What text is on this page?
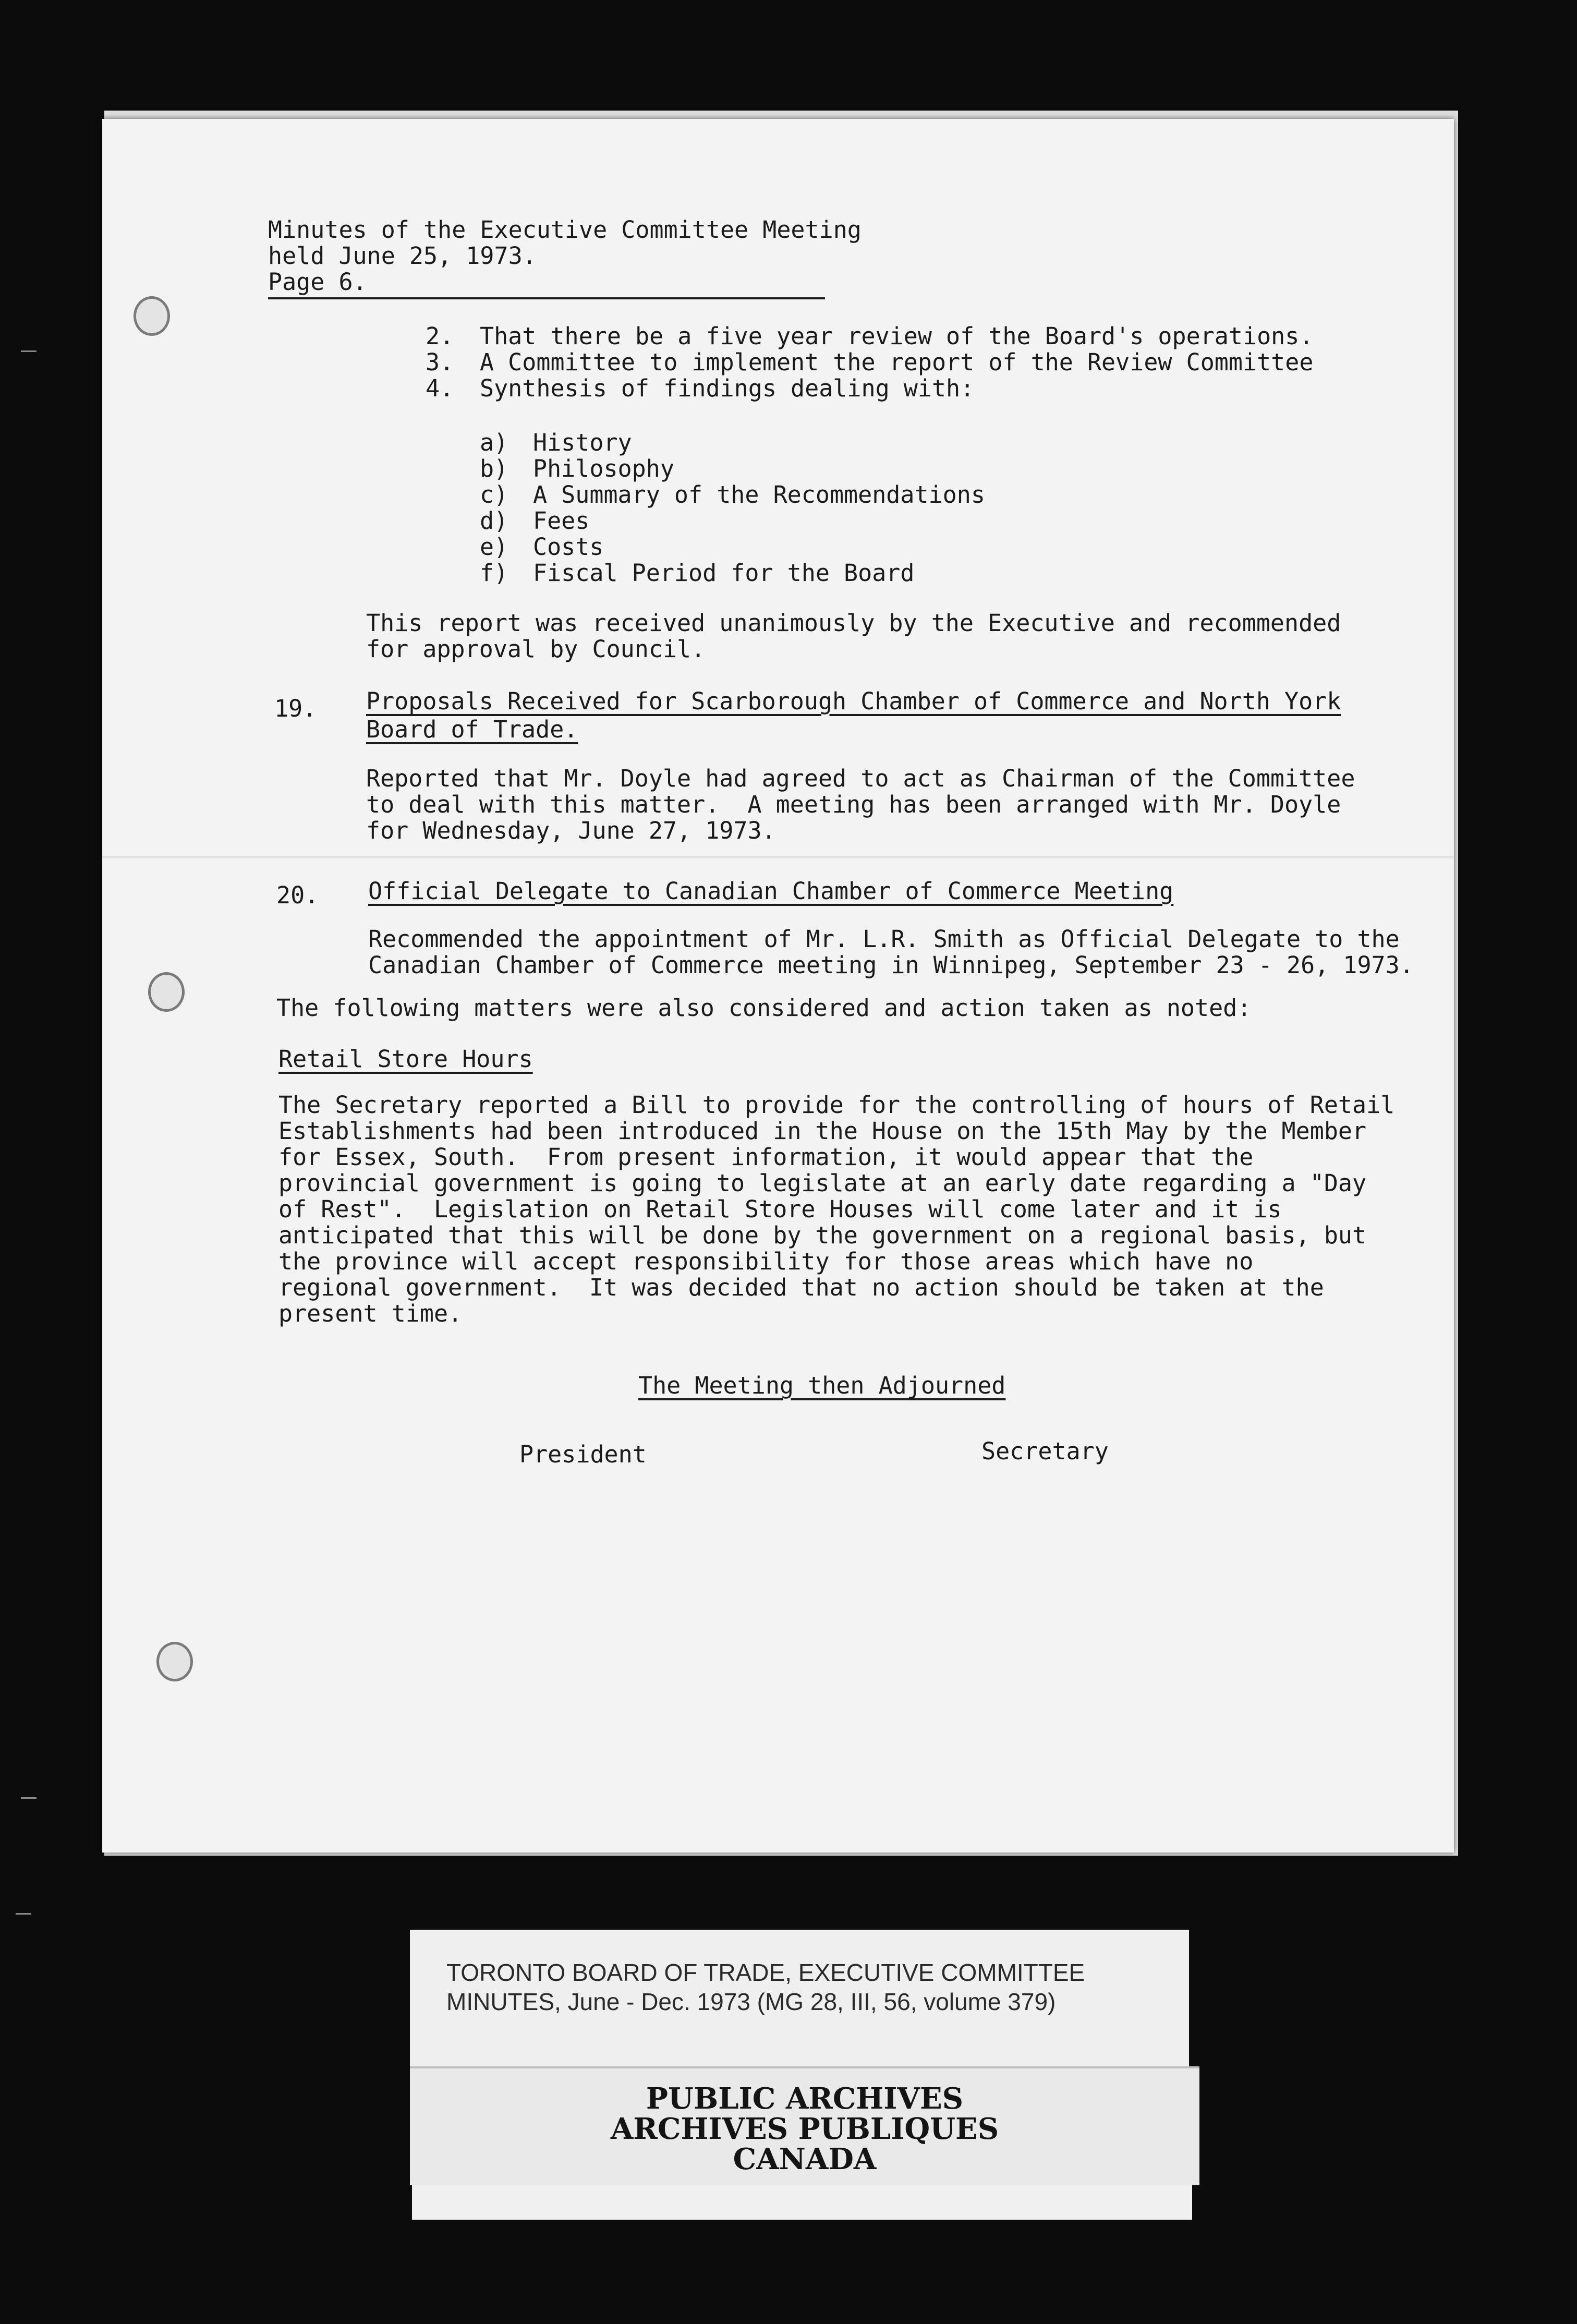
Minutes of the Executive Committee Meeting

held June 25, 1973.

Page 6.

2. That there be a five year review of the Board's operations.

3. A Committee to implement the report of the Review Committee

4. Synthesis of findings dealing with:

a) History

b) Philosophy

c) A Summary of the Recommendations

d) Fees

e) Costs

f) Fiscal Period for the Board

This report was received unanimously by the Executive and recommended

for approval by Council.

19. Proposals Received for Scarborough Chamber of Commerce and North York

Board of Trade.

Reported that Mr. Doyle had agreed to act as Chairman of the Committee

to deal with this matter.  A meeting has been arranged with Mr. Doyle

for Wednesday, June 27, 1973.

20. Official Delegate to Canadian Chamber of Commerce Meeting

Recommended the appointment of Mr. L.R. Smith as Official Delegate to the

Canadian Chamber of Commerce meeting in Winnipeg, September 23 - 26, 1973.

The following matters were also considered and action taken as noted:

Retail Store Hours

The Secretary reported a Bill to provide for the controlling of hours of Retail

Establishments had been introduced in the House on the 15th May by the Member

for Essex, South.  From present information, it would appear that the

provincial government is going to legislate at an early date regarding a "Day

of Rest".  Legislation on Retail Store Houses will come later and it is

anticipated that this will be done by the government on a regional basis, but

the province will accept responsibility for those areas which have no

regional government.  It was decided that no action should be taken at the

present time.

The Meeting then Adjourned

President	Secretary

TORONTO BOARD OF TRADE, EXECUTIVE COMMITTEE

MINUTES, June - Dec. 1973 (MG 28, III, 56, volume 379)

PUBLIC ARCHIVES

ARCHIVES PUBLIQUES

CANADA
